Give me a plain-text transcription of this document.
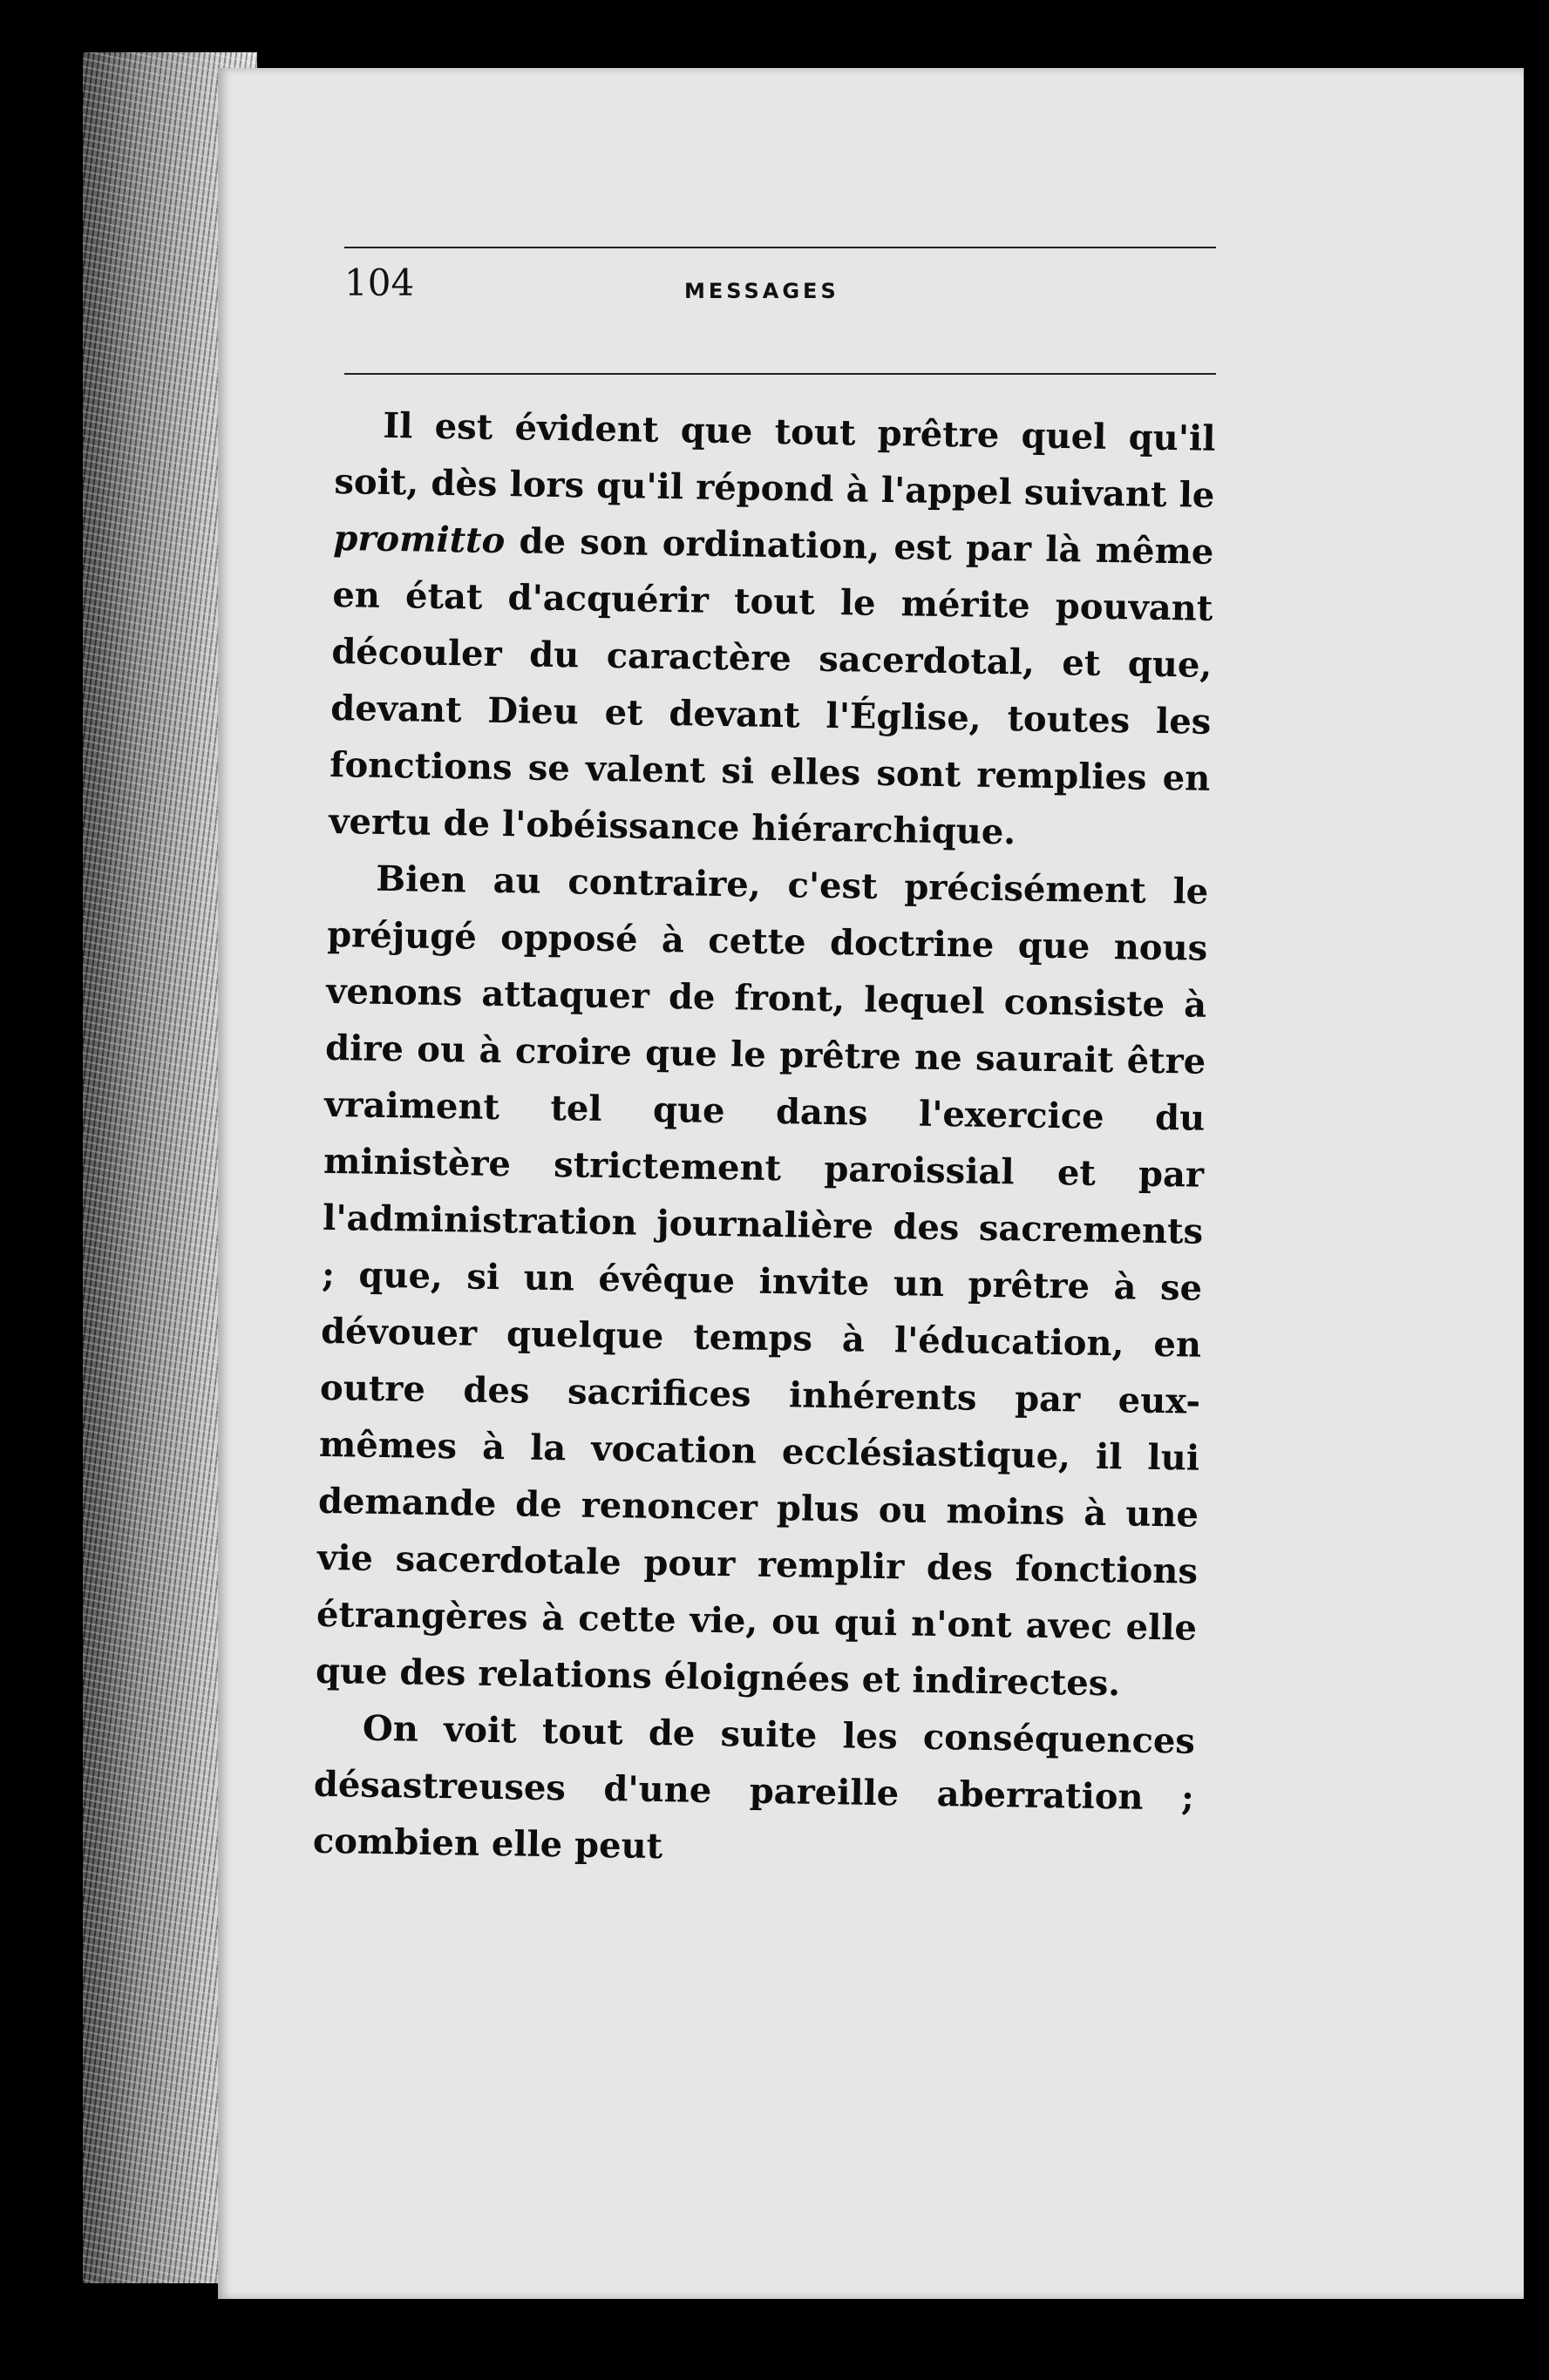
104	MESSAGES

Il est évident que tout prêtre quel qu'il soit, dès lors qu'il répond à l'appel suivant le promitto de son ordination, est par là même en état d'acquérir tout le mérite pouvant découler du caractère sacerdotal, et que, devant Dieu et devant l'Église, toutes les fonctions se valent si elles sont remplies en vertu de l'obéissance hiérarchique.

Bien au contraire, c'est précisément le préjugé opposé à cette doctrine que nous venons attaquer de front, lequel consiste à dire ou à croire que le prêtre ne saurait être vraiment tel que dans l'exercice du ministère strictement paroissial et par l'administration journalière des sacrements ; que, si un évêque invite un prêtre à se dévouer quelque temps à l'éducation, en outre des sacrifices inhérents par eux-mêmes à la vocation ecclésiastique, il lui demande de renoncer plus ou moins à une vie sacerdotale pour remplir des fonctions étrangères à cette vie, ou qui n'ont avec elle que des relations éloignées et indirectes.

On voit tout de suite les conséquences désastreuses d'une pareille aberration ; combien elle peut
